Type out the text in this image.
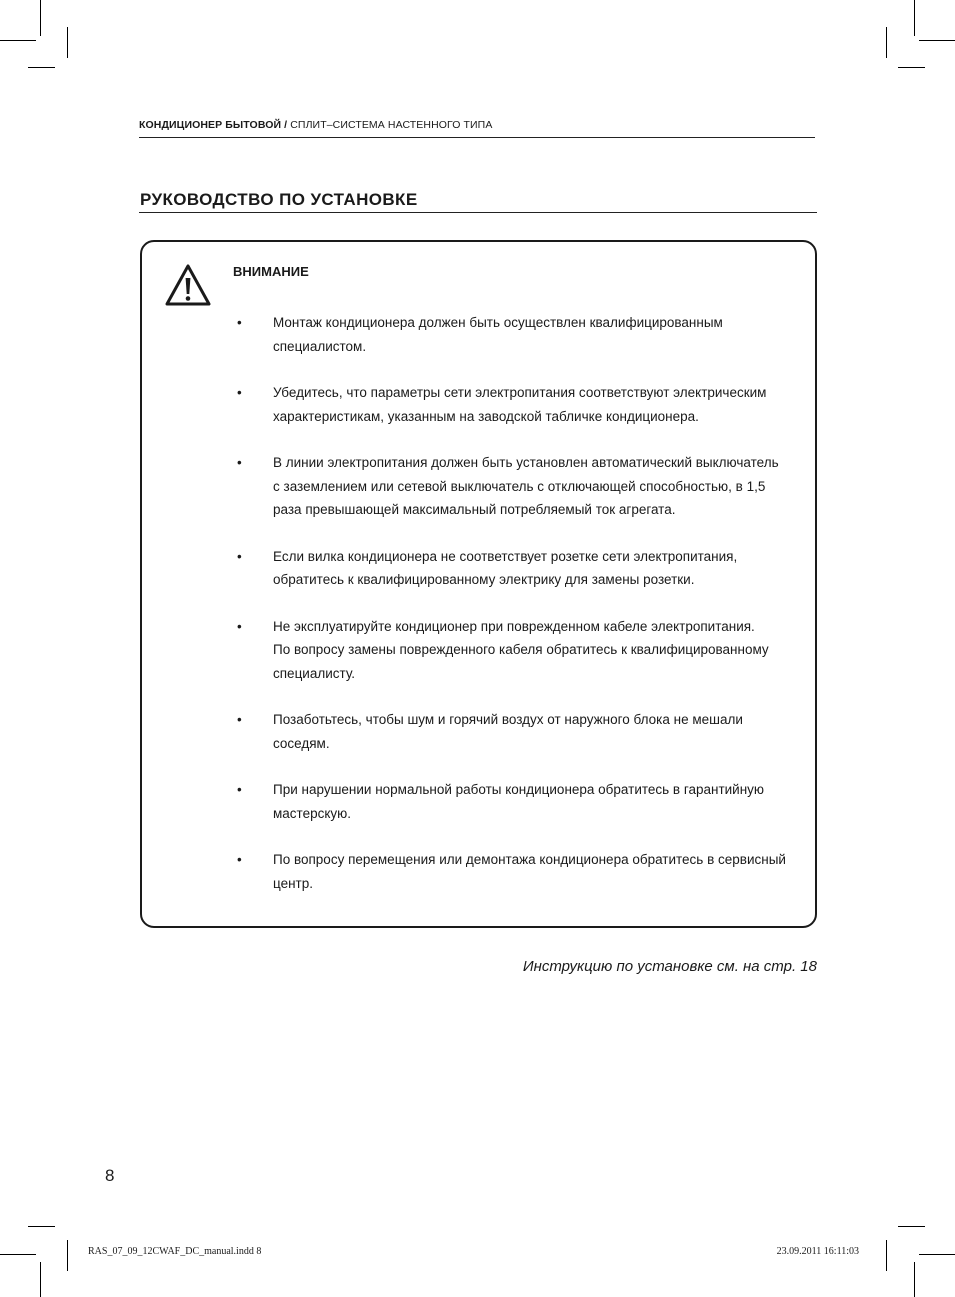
КОНДИЦИОНЕР БЫТОВОЙ / СПЛИТ–СИСТЕМА НАСТЕННОГО ТИПА
РУКОВОДСТВО ПО УСТАНОВКЕ
ВНИМАНИЕ
• Монтаж кондиционера должен быть осуществлен квалифицированным
специалистом.
• Убедитесь, что параметры сети электропитания соответствуют электрическим
характеристикам, указанным на заводской табличке кондиционера.
• В линии электропитания должен быть установлен автоматический выключатель
с заземлением или сетевой выключатель с отключающей способностью, в 1,5
раза превышающей максимальный потребляемый ток агрегата.
• Если вилка кондиционера не соответствует розетке сети электропитания,
обратитесь к квалифицированному электрику для замены розетки.
• Не эксплуатируйте кондиционер при поврежденном кабеле электропитания.
По вопросу замены поврежденного кабеля обратитесь к квалифицированному
специалисту.
• Позаботьтесь, чтобы шум и горячий воздух от наружного блока не мешали
соседям.
• При нарушении нормальной работы кондиционера обратитесь в гарантийную
мастерскую.
• По вопросу перемещения или демонтажа кондиционера обратитесь в сервисный
центр.
Инструкцию по установке см. на стр. 18
8
RAS_07_09_12CWAF_DC_manual.indd 8	23.09.2011 16:11:03
